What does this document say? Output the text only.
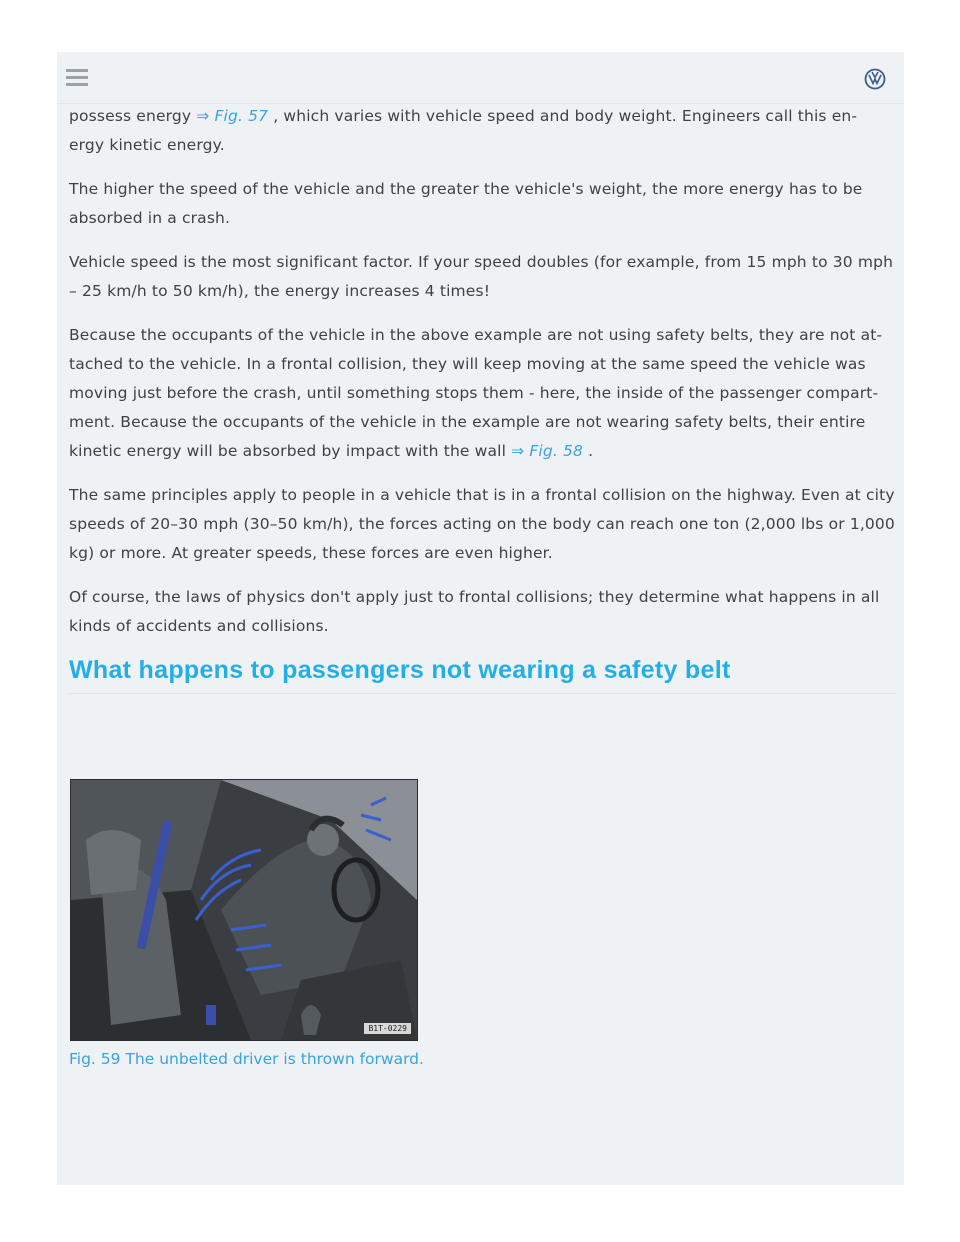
possess energy ⇒ Fig. 57 , which varies with vehicle speed and body weight. Engineers call this en- ergy kinetic energy.

The higher the speed of the vehicle and the greater the vehicle's weight, the more energy has to be absorbed in a crash.

Vehicle speed is the most significant factor. If your speed doubles (for example, from 15 mph to 30 mph – 25 km/h to 50 km/h), the energy increases 4 times!

Because the occupants of the vehicle in the above example are not using safety belts, they are not at- tached to the vehicle. In a frontal collision, they will keep moving at the same speed the vehicle was moving just before the crash, until something stops them - here, the inside of the passenger compart- ment. Because the occupants of the vehicle in the example are not wearing safety belts, their entire kinetic energy will be absorbed by impact with the wall ⇒ Fig. 58 .

The same principles apply to people in a vehicle that is in a frontal collision on the highway. Even at city speeds of 20–30 mph (30–50 km/h), the forces acting on the body can reach one ton (2,000 lbs or 1,000 kg) or more. At greater speeds, these forces are even higher.

Of course, the laws of physics don't apply just to frontal collisions; they determine what happens in all kinds of accidents and collisions.

What happens to passengers not wearing a safety belt
B1T-0229
Fig. 59 The unbelted driver is thrown forward.
